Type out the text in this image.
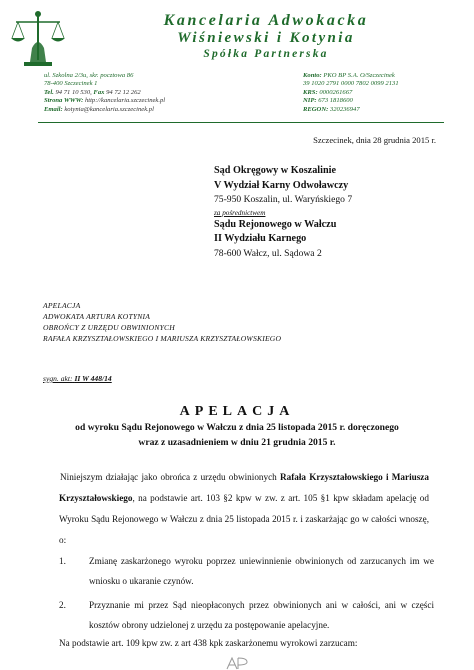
Kancelaria Adwokacka
Wiśniewski i Kotynia
Spółka Partnerska
ul. Szkolna 2/3u, skr. pocztowa 86
78-400 Szczecinek 1
Tel. 94 71 10 530, Fax 94 72 12 262
Strona WWW: http://kancelaria.szczecinek.pl
Email: kotynia@kancelaria.szczecinek.pl
Konto: PKO BP S.A. O/Szczecinek
39 1020 2791 0000 7802 0099 2131
KRS: 0000261667
NIP: 673 1818600
REGON: 320236947
Szczecinek, dnia 28 grudnia 2015 r.
Sąd Okręgowy w Koszalinie
V Wydział Karny Odwoławczy
75-950 Koszalin, ul. Waryńskiego 7
za pośrednictwem
Sądu Rejonowego w Wałczu
II Wydziału Karnego
78-600 Wałcz, ul. Sądowa 2
APELACJA
ADWOKATA ARTURA KOTYNIA
OBROŃCY Z URZĘDU OBWINIONYCH
RAFAŁA KRZYSZTAŁOWSKIEGO I MARIUSZA KRZYSZTAŁOWSKIEGO
sygn. akt: II W 448/14
APELACJA
od wyroku Sądu Rejonowego w Wałczu z dnia 25 listopada 2015 r. doręczonego
wraz z uzasadnieniem w dniu 21 grudnia 2015 r.
Niniejszym działając jako obrońca z urzędu obwinionych Rafała Krzyształowskiego i Mariusza Krzyształowskiego, na podstawie art. 103 §2 kpw w zw. z art. 105 §1 kpw składam apelację od Wyroku Sądu Rejonowego w Wałczu z dnia 25 listopada 2015 r. i zaskarżając go w całości wnoszę, o:
1.	Zmianę zaskarżonego wyroku poprzez uniewinnienie obwinionych od zarzucanych im we wniosku o ukaranie czynów.
2.	Przyznanie mi przez Sąd nieopłaconych przez obwinionych ani w całości, ani w części kosztów obrony udzielonej z urzędu za postępowanie apelacyjne.
Na podstawie art. 109 kpw zw. z art 438 kpk zaskarżonemu wyrokowi zarzucam:
